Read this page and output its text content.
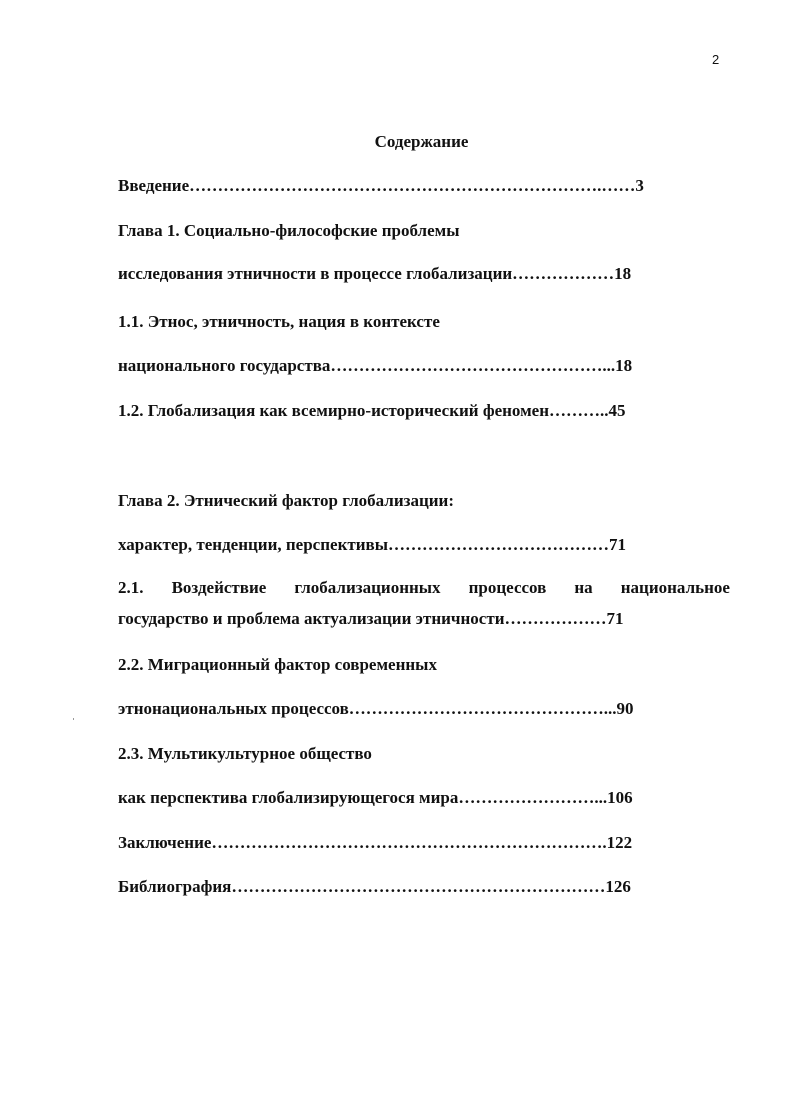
2
Содержание
Введение……………………………………………………………….……3
Глава 1. Социально-философские проблемы
исследования этничности в процессе глобализации………………18
1.1. Этнос, этничность, нация в контексте
национального государства…………………………………………...18
1.2. Глобализация как всемирно-исторический феномен………..45
Глава 2. Этнический фактор глобализации:
характер, тенденции, перспективы…………………………………71
2.1. Воздействие глобализационных процессов на национальное
государство и проблема актуализации этничности………………71
2.2. Миграционный фактор современных
этнонациональных процессов………………………………………...90
2.3. Мультикультурное общество
как перспектива глобализирующегося мира……………………...106
Заключение…………………………………………………………….122
Библиография…………………………………………………………126
